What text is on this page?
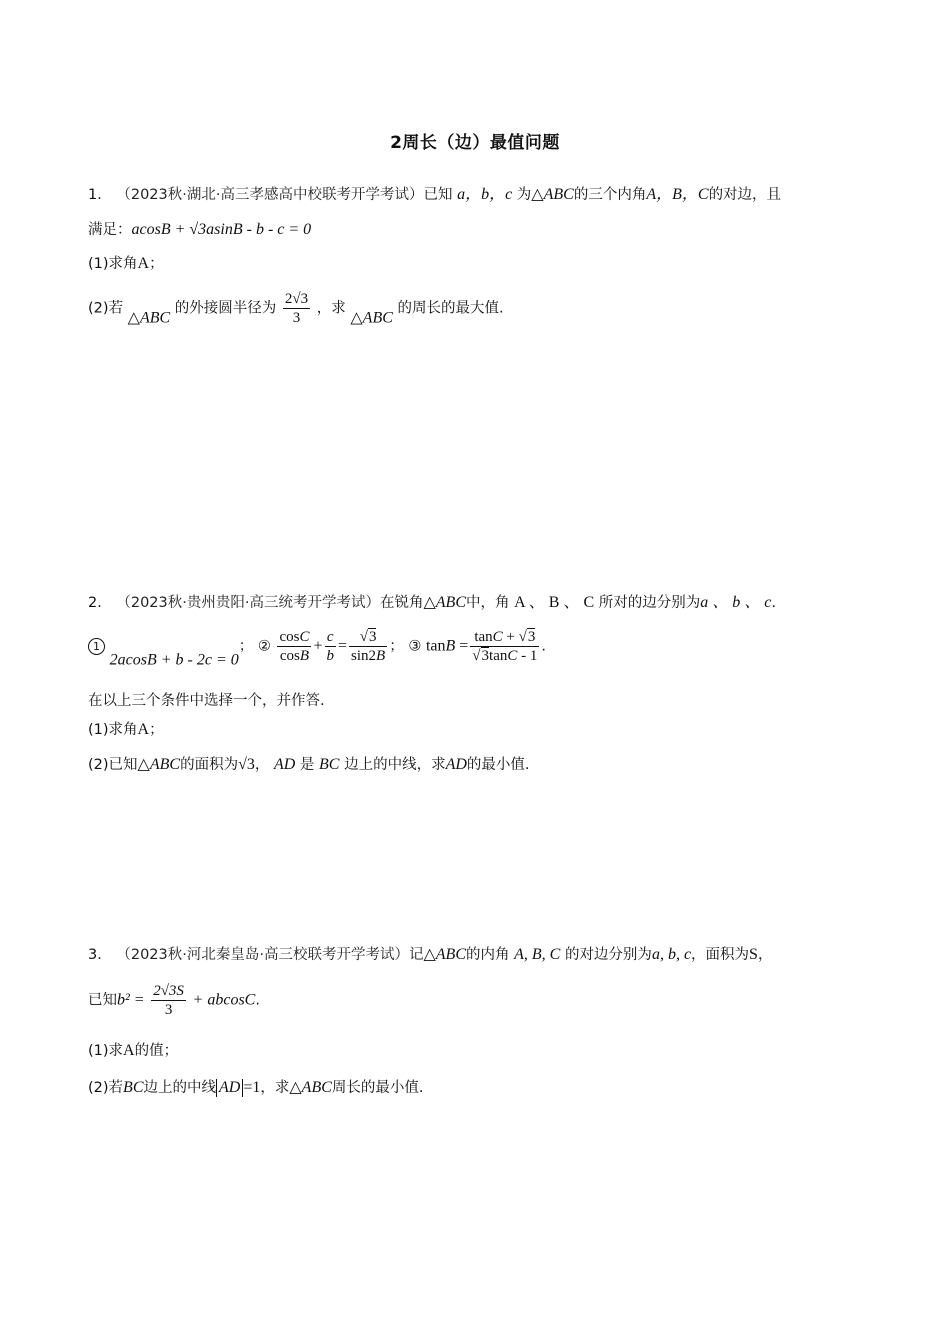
2周长（边）最值问题
1． （2023秋·湖北·高三孝感高中校联考开学考试）已知 a，b，c 为△ABC的三个内角A，B，C的对边，且
满足：acosB + √3asinB - b - c = 0
(1)求角A；
(2)若 △ABC 的外接圆半径为 $\frac{2√3}{3}$ ，求 △ABC 的周长的最大值.
2． （2023秋·贵州贵阳·高三统考开学考试）在锐角△ABC中，角 A 、 B 、 C 所对的边分别为a 、 b 、 c.
1 2acosB + b - 2c = 0； ② $\frac{\cos C}{\cos B} + \frac{c}{b} = \frac{√3}{\sin 2B}$ ； ③ $\tan B = \frac{\tan C + √3}{√3\tan C - 1}$ .
在以上三个条件中选择一个，并作答.
(1)求角A；
(2)已知△ABC的面积为√3， AD 是 BC 边上的中线，求AD的最小值.
3． （2023秋·河北秦皇岛·高三校联考开学考试）记△ABC的内角 A, B, C 的对边分别为a, b, c，面积为S，
已知$b^2 = \frac{2√3S}{3} + abcosC$.
(1)求A的值；
(2)若BC边上的中线 AD =1，求△ABC周长的最小值.
